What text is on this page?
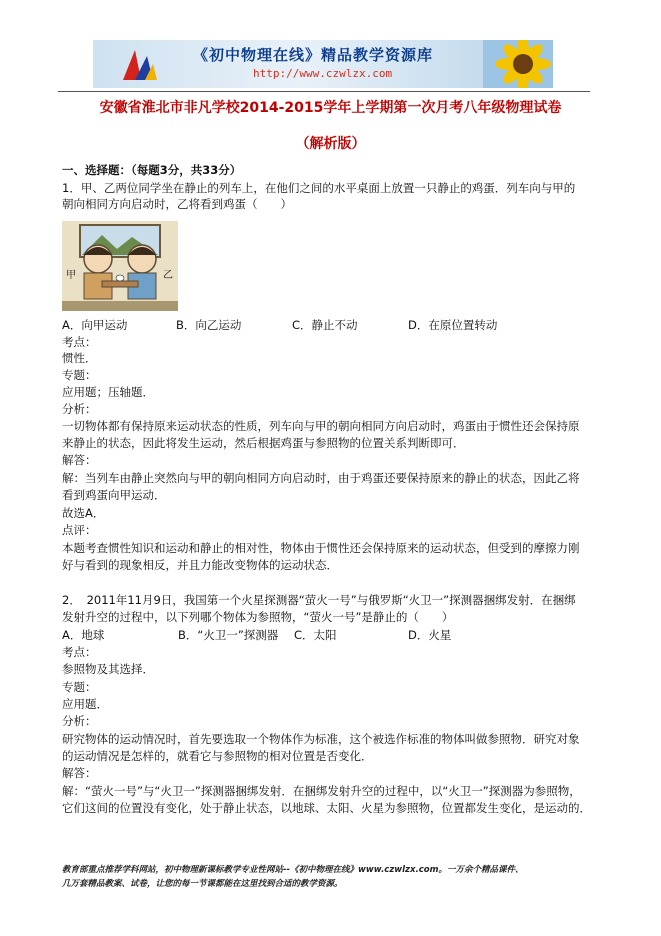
《初中物理在线》精品教学资源库
http://www.czwlzx.com
安徽省淮北市非凡学校2014-2015学年上学期第一次月考八年级物理试卷
（解析版）
一、选择题：（每题3分，共33分）
1．甲、乙两位同学坐在静止的列车上，在他们之间的水平桌面上放置一只静止的鸡蛋．列车向与甲的
朝向相同方向启动时，乙将看到鸡蛋（　　）
甲	乙
A．向甲运动	B．向乙运动	C．静止不动	D．在原位置转动
考点：
惯性．
专题：
应用题；压轴题．
分析：
一切物体都有保持原来运动状态的性质，列车向与甲的朝向相同方向启动时，鸡蛋由于惯性还会保持原
来静止的状态，因此将发生运动，然后根据鸡蛋与参照物的位置关系判断即可．
解答：
解：当列车由静止突然向与甲的朝向相同方向启动时，由于鸡蛋还要保持原来的静止的状态，因此乙将
看到鸡蛋向甲运动．
故选A．
点评：
本题考查惯性知识和运动和静止的相对性，物体由于惯性还会保持原来的运动状态，但受到的摩擦力刚
好与看到的现象相反，并且力能改变物体的运动状态．
2．　2011年11月9日，我国第一个火星探测器“萤火一号”与俄罗斯“火卫一”探测器捆绑发射．在捆绑
发射升空的过程中，以下列哪个物体为参照物，“萤火一号”是静止的（　　）
A．地球	B．“火卫一”探测器 C．太阳	D．火星
考点：
参照物及其选择．
专题：
应用题．
分析：
研究物体的运动情况时，首先要选取一个物体作为标准，这个被选作标准的物体叫做参照物．研究对象
的运动情况是怎样的，就看它与参照物的相对位置是否变化．
解答：
解：“萤火一号”与“火卫一”探测器捆绑发射．在捆绑发射升空的过程中，以“火卫一”探测器为参照物，
它们这间的位置没有变化，处于静止状态，以地球、太阳、火星为参照物，位置都发生变化，是运动的．
教育部重点推荐学科网站，初中物理新课标教学专业性网站--《初中物理在线》www.czwlzx.com。一万余个精品课件、
几万套精品教案、试卷，让您的每一节课都能在这里找到合适的教学资源。
